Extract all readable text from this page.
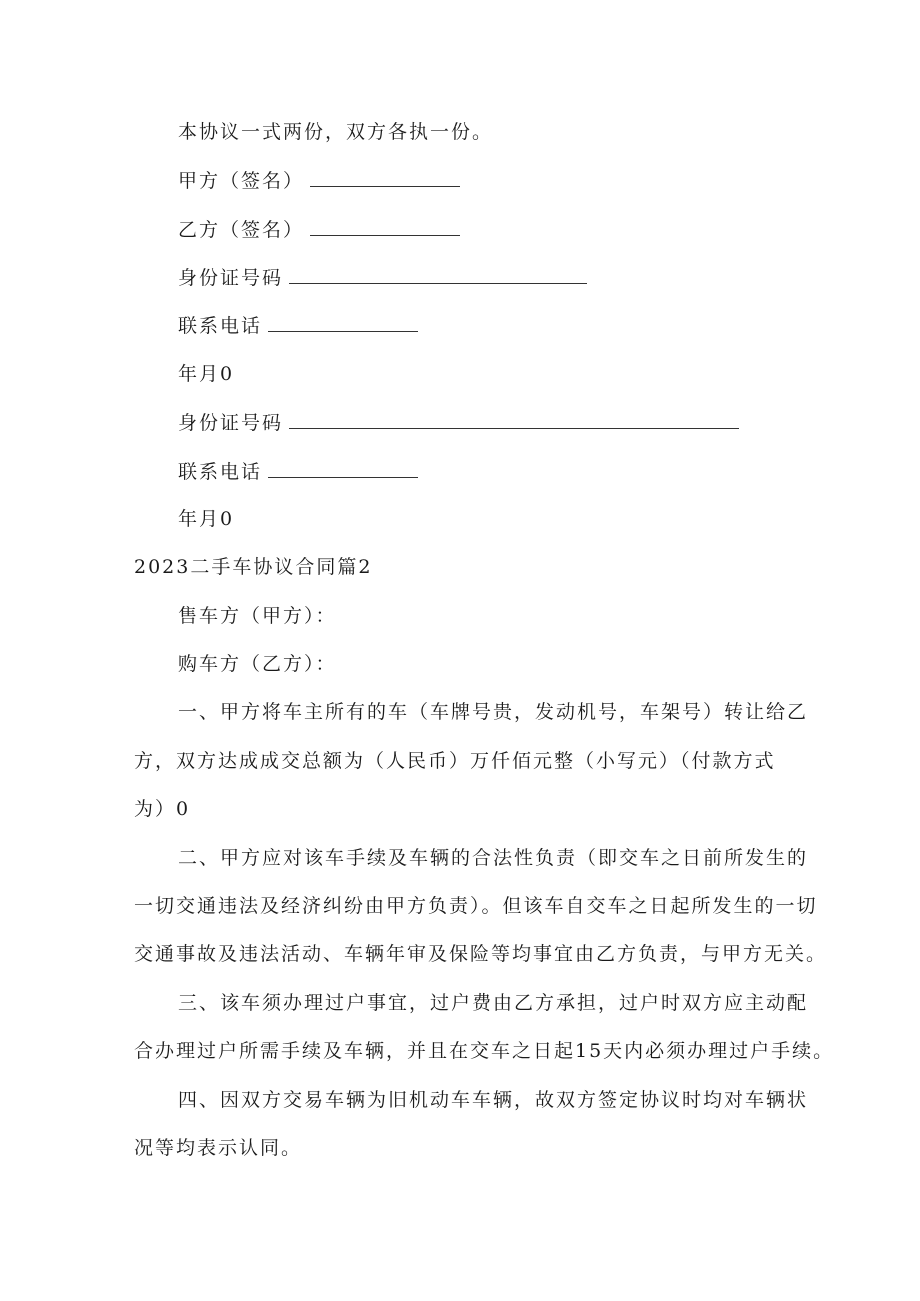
本协议一式两份，双方各执一份。
甲方（签名）
乙方（签名）
身份证号码
联系电话
年月0
身份证号码
联系电话
年月0
2023二手车协议合同篇2
售车方（甲方）：
购车方（乙方）：
一、甲方将车主所有的车（车牌号贵，发动机号，车架号）转让给乙
方，双方达成成交总额为（人民币）万仟佰元整（小写元）（付款方式
为）0
二、甲方应对该车手续及车辆的合法性负责（即交车之日前所发生的
一切交通违法及经济纠纷由甲方负责）。但该车自交车之日起所发生的一切
交通事故及违法活动、车辆年审及保险等均事宜由乙方负责，与甲方无关。
三、该车须办理过户事宜，过户费由乙方承担，过户时双方应主动配
合办理过户所需手续及车辆，并且在交车之日起15天内必须办理过户手续。
四、因双方交易车辆为旧机动车车辆，故双方签定协议时均对车辆状
况等均表示认同。
